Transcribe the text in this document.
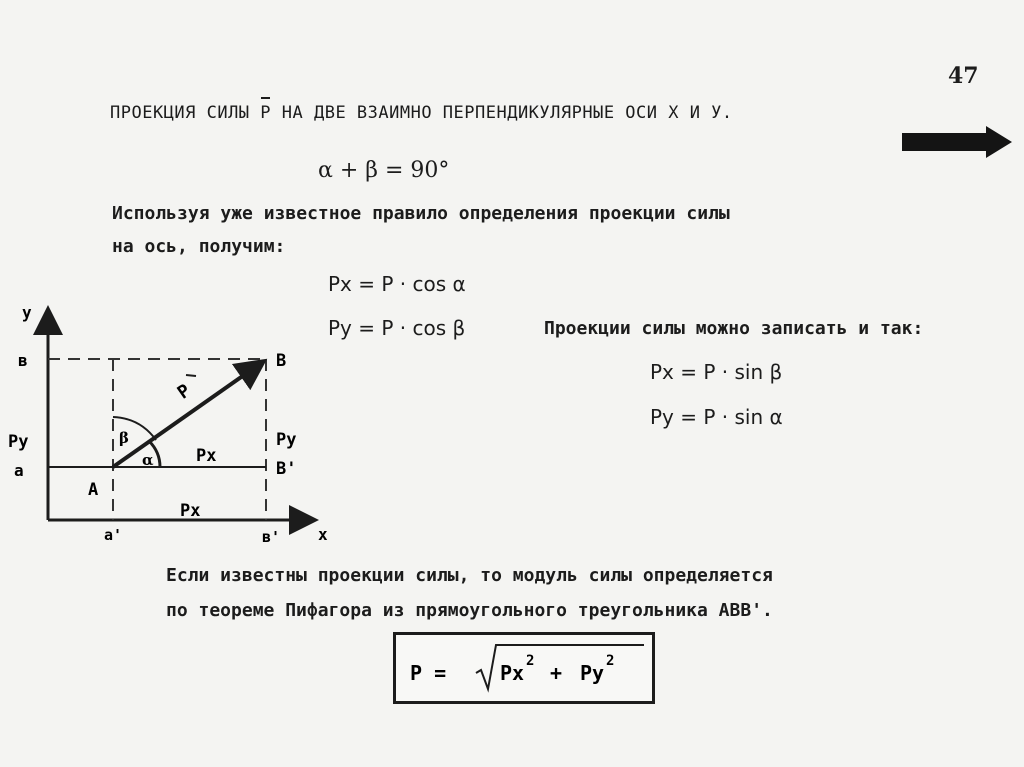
47
ПРОЕКЦИЯ СИЛЫ P НА ДВЕ ВЗАИМНО ПЕРПЕНДИКУЛЯРНЫЕ ОСИ X И У.
α + β = 90°
Используя уже известное правило определения проекции силы
на ось, получим:
Px = P · cos α
Py = P · cos β	Проекции силы можно записать и так:
Px = P · sin β
Py = P · sin α
y
в
Py
a
A
a'	в' x
B
Py
B'
Px
Px
P
α
β
Если известны проекции силы, то модуль силы определяется
по теореме Пифагора из прямоугольного треугольника ABB'.
P =	Px 2 + Py 2
